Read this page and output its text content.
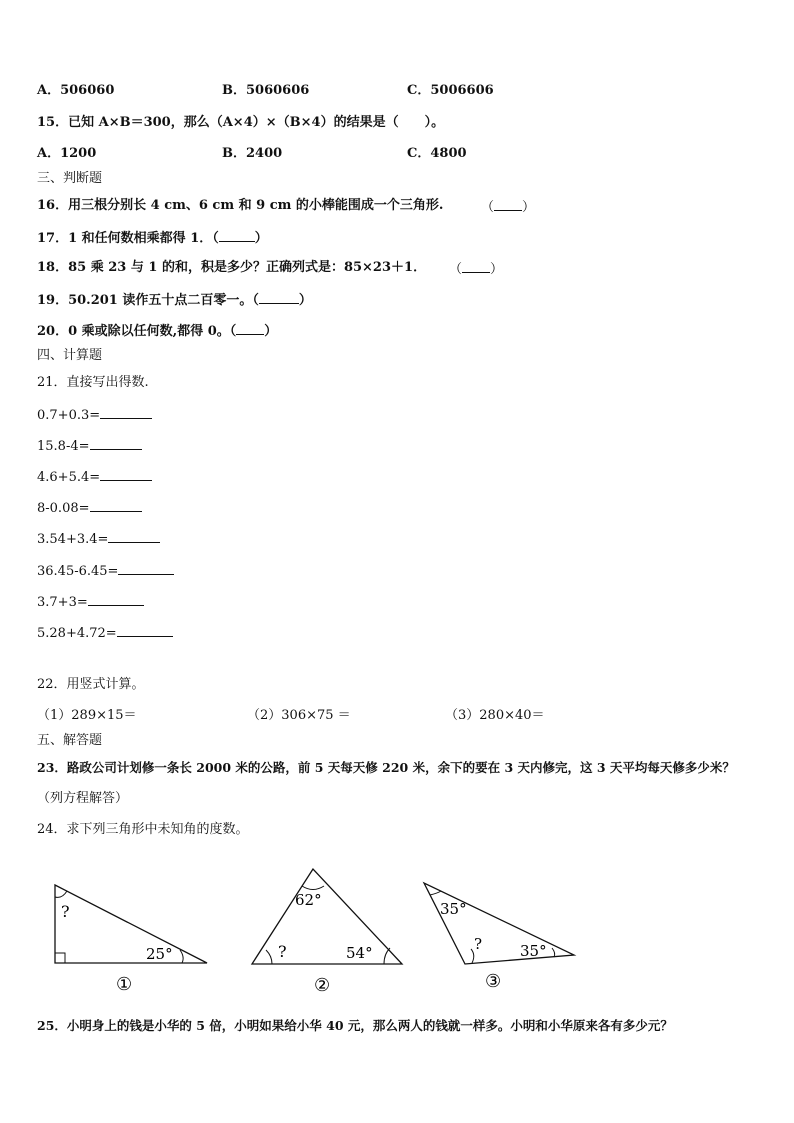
A．506060	B．5060606	C．5006606
15．已知 A×B＝300，那么（A×4）×（B×4）的结果是（　　）。
A．1200	B．2400	C．4800
三、判断题
16．用三根分别长 4 cm、6 cm 和 9 cm 的小棒能围成一个三角形.	（ ）
17．1 和任何数相乘都得 1．（	）
18．85 乘 23 与 1 的和，积是多少？正确列式是：85×23＋1． （ ）
19．50.201 读作五十点二百零一。（	）
20．0 乘或除以任何数,都得 0。（ ）
四、计算题
21．直接写出得数.
0.7+0.3=
15.8-4=
4.6+5.4=
8-0.08=
3.54+3.4=
36.45-6.45=
3.7+3=
5.28+4.72=
22．用竖式计算。
（1）289×15＝	（2）306×75 ＝	（3）280×40＝
五、解答题
23．路政公司计划修一条长 2000 米的公路，前 5 天每天修 220 米，余下的要在 3 天内修完，这 3 天平均每天修多少米？
（列方程解答）
24．求下列三角形中未知角的度数。
?
25°
①
62°
?	54°
②
35°
?	35°
③
25．小明身上的钱是小华的 5 倍，小明如果给小华 40 元，那么两人的钱就一样多。小明和小华原来各有多少元？
